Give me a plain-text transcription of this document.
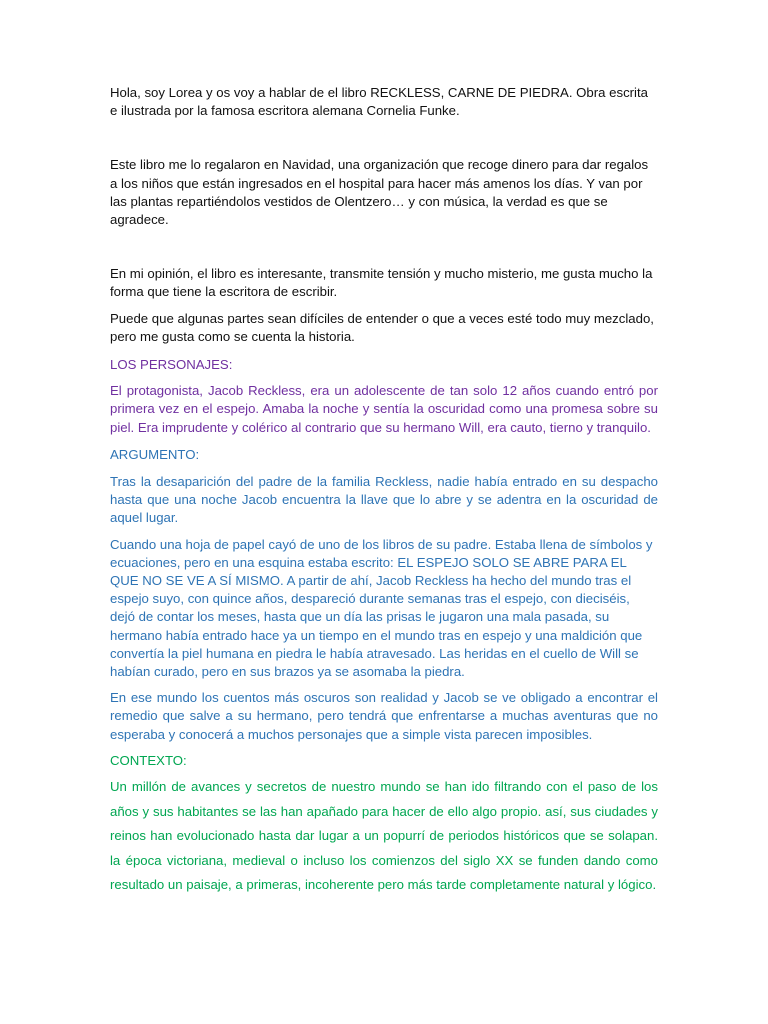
Hola, soy Lorea y os voy a hablar de el libro RECKLESS, CARNE DE PIEDRA. Obra escrita e ilustrada por la famosa escritora alemana Cornelia Funke.

Este libro me lo regalaron en Navidad, una organización que recoge dinero para dar regalos a los niños que están ingresados en el hospital para hacer más amenos los días. Y van por las plantas repartiéndolos vestidos de Olentzero… y con música, la verdad es que se agradece.

En mi opinión, el libro es interesante, transmite tensión y mucho misterio, me gusta mucho la forma que tiene la escritora de escribir.

Puede que algunas partes sean difíciles de entender o que a veces esté todo muy mezclado, pero me gusta como se cuenta la historia.

LOS PERSONAJES:

El protagonista, Jacob Reckless, era un adolescente de tan solo 12 años cuando entró por primera vez en el espejo. Amaba la noche y sentía la oscuridad como una promesa sobre su piel. Era imprudente y colérico al contrario que su hermano Will, era cauto, tierno y tranquilo.

ARGUMENTO:

Tras la desaparición del padre de la familia Reckless, nadie había entrado en su despacho hasta que una noche Jacob encuentra la llave que lo abre y se adentra en la oscuridad de aquel lugar.

Cuando una hoja de papel cayó de uno de los libros de su padre. Estaba llena de símbolos y ecuaciones, pero en una esquina estaba escrito: EL ESPEJO SOLO SE ABRE PARA EL QUE NO SE VE A SÍ MISMO. A partir de ahí, Jacob Reckless ha hecho del mundo tras el espejo suyo, con quince años, despareció durante semanas tras el espejo, con dieciséis, dejó de contar los meses, hasta que un día las prisas le jugaron una mala pasada, su hermano había entrado hace ya un tiempo en el mundo tras en espejo y una maldición que convertía la piel humana en piedra le había atravesado. Las heridas en el cuello de Will se habían curado, pero en sus brazos ya se asomaba la piedra.

En ese mundo los cuentos más oscuros son realidad y Jacob se ve obligado a encontrar el remedio que salve a su hermano, pero tendrá que enfrentarse a muchas aventuras que no esperaba y conocerá a muchos personajes que a simple vista parecen imposibles.

CONTEXTO:

Un millón de avances y secretos de nuestro mundo se han ido filtrando con el paso de los años y sus habitantes se las han apañado para hacer de ello algo propio. así, sus ciudades y reinos han evolucionado hasta dar lugar a un popurrí de periodos históricos que se solapan. la época victoriana, medieval o incluso los comienzos del siglo XX se funden dando como resultado un paisaje, a primeras, incoherente pero más tarde completamente natural y lógico.
